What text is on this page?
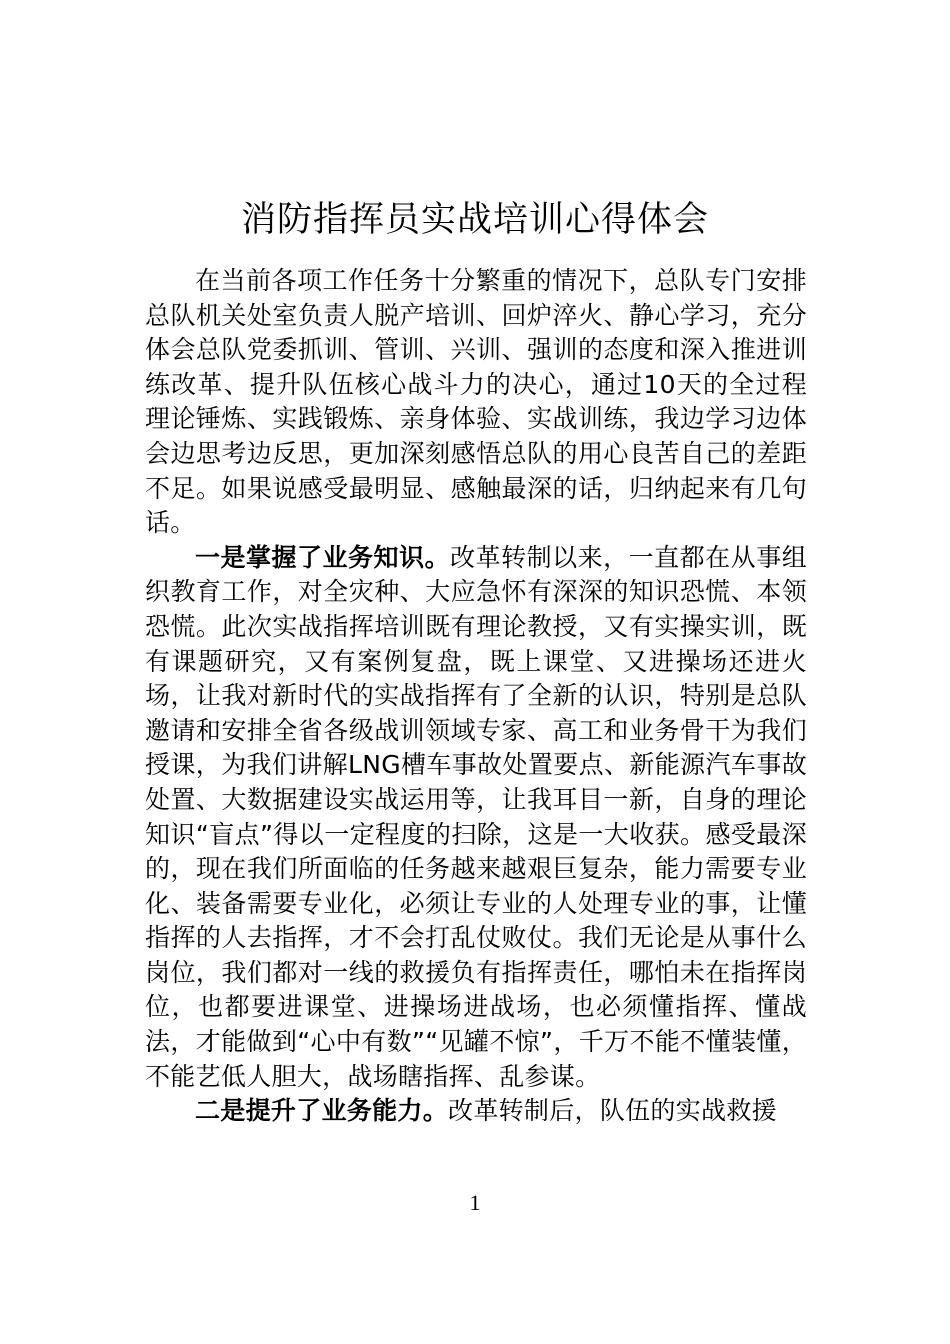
消防指挥员实战培训心得体会

在当前各项工作任务十分繁重的情况下，总队专门安排总队机关处室负责人脱产培训、回炉淬火、静心学习，充分体会总队党委抓训、管训、兴训、强训的态度和深入推进训练改革、提升队伍核心战斗力的决心，通过10天的全过程理论锤炼、实践锻炼、亲身体验、实战训练，我边学习边体会边思考边反思，更加深刻感悟总队的用心良苦自己的差距不足。如果说感受最明显、感触最深的话，归纳起来有几句话。

一是掌握了业务知识。改革转制以来，一直都在从事组织教育工作，对全灾种、大应急怀有深深的知识恐慌、本领恐慌。此次实战指挥培训既有理论教授，又有实操实训，既有课题研究，又有案例复盘，既上课堂、又进操场还进火场，让我对新时代的实战指挥有了全新的认识，特别是总队邀请和安排全省各级战训领域专家、高工和业务骨干为我们授课，为我们讲解LNG槽车事故处置要点、新能源汽车事故处置、大数据建设实战运用等，让我耳目一新，自身的理论知识“盲点”得以一定程度的扫除，这是一大收获。感受最深的，现在我们所面临的任务越来越艰巨复杂，能力需要专业化、装备需要专业化，必须让专业的人处理专业的事，让懂指挥的人去指挥，才不会打乱仗败仗。我们无论是从事什么岗位，我们都对一线的救援负有指挥责任，哪怕未在指挥岗位，也都要进课堂、进操场进战场，也必须懂指挥、懂战法，才能做到“心中有数”“见罐不惊”，千万不能不懂装懂，不能艺低人胆大，战场瞎指挥、乱参谋。

二是提升了业务能力。改革转制后，队伍的实战救援

1
